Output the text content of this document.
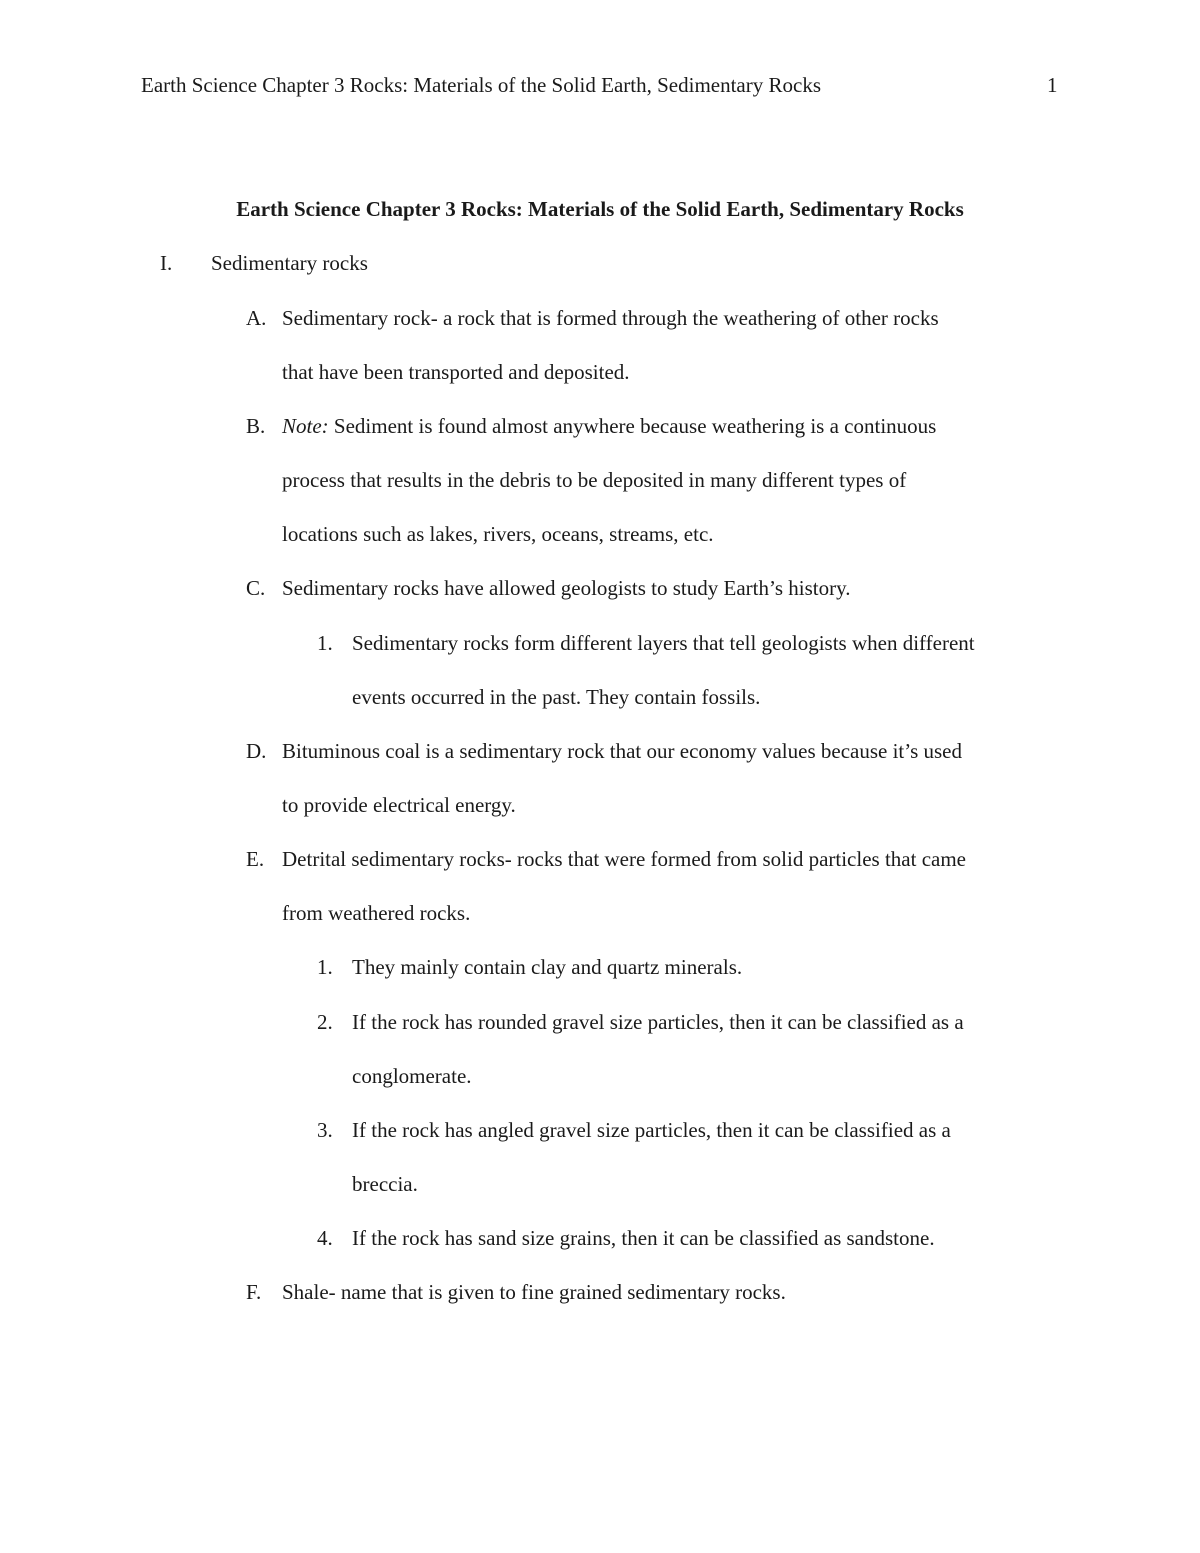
Earth Science Chapter 3 Rocks: Materials of the Solid Earth, Sedimentary Rocks	1
Earth Science Chapter 3 Rocks: Materials of the Solid Earth, Sedimentary Rocks
I. Sedimentary rocks
A. Sedimentary rock- a rock that is formed through the weathering of other rocks
that have been transported and deposited.
B. Note: Sediment is found almost anywhere because weathering is a continuous
process that results in the debris to be deposited in many different types of
locations such as lakes, rivers, oceans, streams, etc.
C. Sedimentary rocks have allowed geologists to study Earth’s history.
1. Sedimentary rocks form different layers that tell geologists when different
events occurred in the past. They contain fossils.
D. Bituminous coal is a sedimentary rock that our economy values because it’s used
to provide electrical energy.
E. Detrital sedimentary rocks- rocks that were formed from solid particles that came
from weathered rocks.
1. They mainly contain clay and quartz minerals.
2. If the rock has rounded gravel size particles, then it can be classified as a
conglomerate.
3. If the rock has angled gravel size particles, then it can be classified as a
breccia.
4. If the rock has sand size grains, then it can be classified as sandstone.
F. Shale- name that is given to fine grained sedimentary rocks.
